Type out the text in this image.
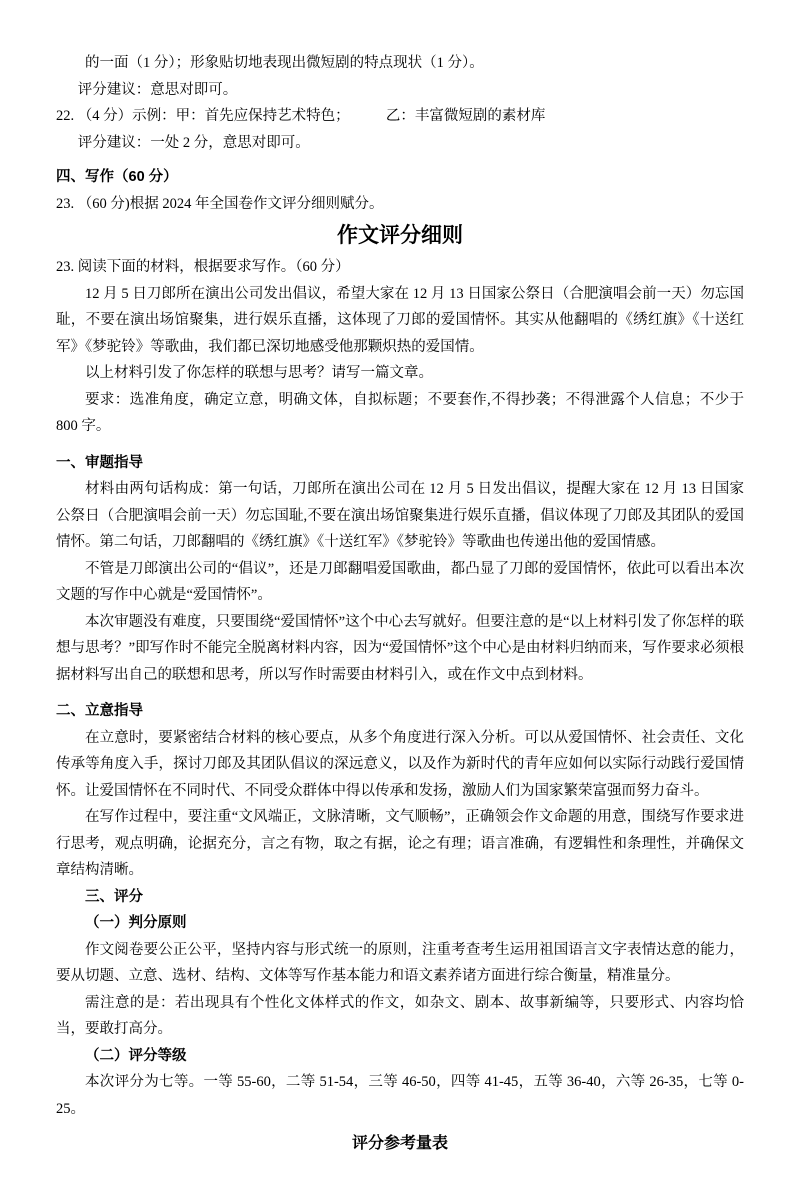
的一面（1 分）；形象贴切地表现出微短剧的特点现状（1 分）。
评分建议：意思对即可。
22. （4 分）示例：甲：首先应保持艺术特色；　　　乙：丰富微短剧的素材库
评分建议：一处 2 分，意思对即可。
四、写作（60 分）
23. （60 分)根据 2024 年全国卷作文评分细则赋分。
作文评分细则
23. 阅读下面的材料，根据要求写作。（60 分）
12 月 5 日刀郎所在演出公司发出倡议，希望大家在 12 月 13 日国家公祭日（合肥演唱会前一天）勿忘国耻，不要在演出场馆聚集，进行娱乐直播，这体现了刀郎的爱国情怀。其实从他翻唱的《绣红旗》《十送红军》《梦驼铃》等歌曲，我们都已深切地感受他那颗炽热的爱国情。
以上材料引发了你怎样的联想与思考？请写一篇文章。
要求：选准角度，确定立意，明确文体，自拟标题；不要套作,不得抄袭；不得泄露个人信息；不少于 800 字。
一、审题指导
材料由两句话构成：第一句话，刀郎所在演出公司在 12 月 5 日发出倡议，提醒大家在 12 月 13 日国家公祭日（合肥演唱会前一天）勿忘国耻,不要在演出场馆聚集进行娱乐直播，倡议体现了刀郎及其团队的爱国情怀。第二句话，刀郎翻唱的《绣红旗》《十送红军》《梦驼铃》等歌曲也传递出他的爱国情感。
不管是刀郎演出公司的“倡议”，还是刀郎翻唱爱国歌曲，都凸显了刀郎的爱国情怀，依此可以看出本次文题的写作中心就是“爱国情怀”。
本次审题没有难度，只要围绕“爱国情怀”这个中心去写就好。但要注意的是“以上材料引发了你怎样的联想与思考？”即写作时不能完全脱离材料内容，因为“爱国情怀”这个中心是由材料归纳而来，写作要求必须根据材料写出自己的联想和思考，所以写作时需要由材料引入，或在作文中点到材料。
二、立意指导
在立意时，要紧密结合材料的核心要点，从多个角度进行深入分析。可以从爱国情怀、社会责任、文化传承等角度入手，探讨刀郎及其团队倡议的深远意义，以及作为新时代的青年应如何以实际行动践行爱国情怀。让爱国情怀在不同时代、不同受众群体中得以传承和发扬，激励人们为国家繁荣富强而努力奋斗。
在写作过程中，要注重“文风端正，文脉清晰，文气顺畅”，正确领会作文命题的用意，围绕写作要求进行思考，观点明确，论据充分，言之有物，取之有据，论之有理；语言准确，有逻辑性和条理性，并确保文章结构清晰。
三、评分
（一）判分原则
作文阅卷要公正公平，坚持内容与形式统一的原则，注重考查考生运用祖国语言文字表情达意的能力，要从切题、立意、选材、结构、文体等写作基本能力和语文素养诸方面进行综合衡量，精准量分。
需注意的是：若出现具有个性化文体样式的作文，如杂文、剧本、故事新编等，只要形式、内容均恰当，要敢打高分。
（二）评分等级
本次评分为七等。一等 55-60，二等 51-54，三等 46-50，四等 41-45，五等 36-40，六等 26-35，七等 0-25。
评分参考量表
